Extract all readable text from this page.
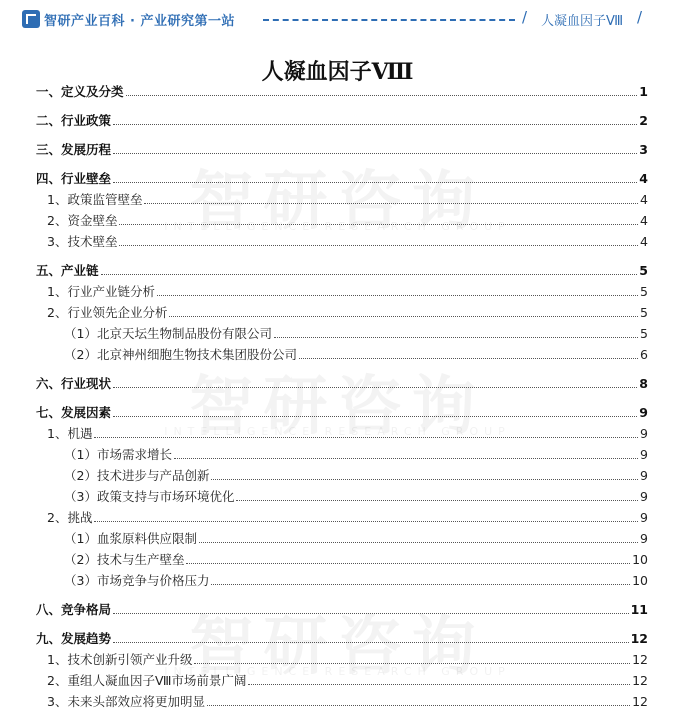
智研产业百科 · 产业研究第一站	/ 人凝血因子Ⅷ /
INTELLIGENCE RESEARCH GROUP
INTELLIGENCE RESEARCH GROUP
INTELLIGENCE RESEARCH GROUP
人凝血因子Ⅷ
一、定义及分类	1
二、行业政策	2
三、发展历程	3
四、行业壁垒	4
1、政策监管壁垒	4
2、资金壁垒	4
3、技术壁垒	4
五、产业链	5
1、行业产业链分析	5
2、行业领先企业分析	5
（1）北京天坛生物制品股份有限公司	5
（2）北京神州细胞生物技术集团股份公司	6
六、行业现状	8
七、发展因素	9
1、机遇	9
（1）市场需求增长	9
（2）技术进步与产品创新	9
（3）政策支持与市场环境优化	9
2、挑战	9
（1）血浆原料供应限制	9
（2）技术与生产壁垒	10
（3）市场竞争与价格压力	10
八、竞争格局	11
九、发展趋势	12
1、技术创新引领产业升级	12
2、重组人凝血因子Ⅷ市场前景广阔	12
3、未来头部效应将更加明显	12
